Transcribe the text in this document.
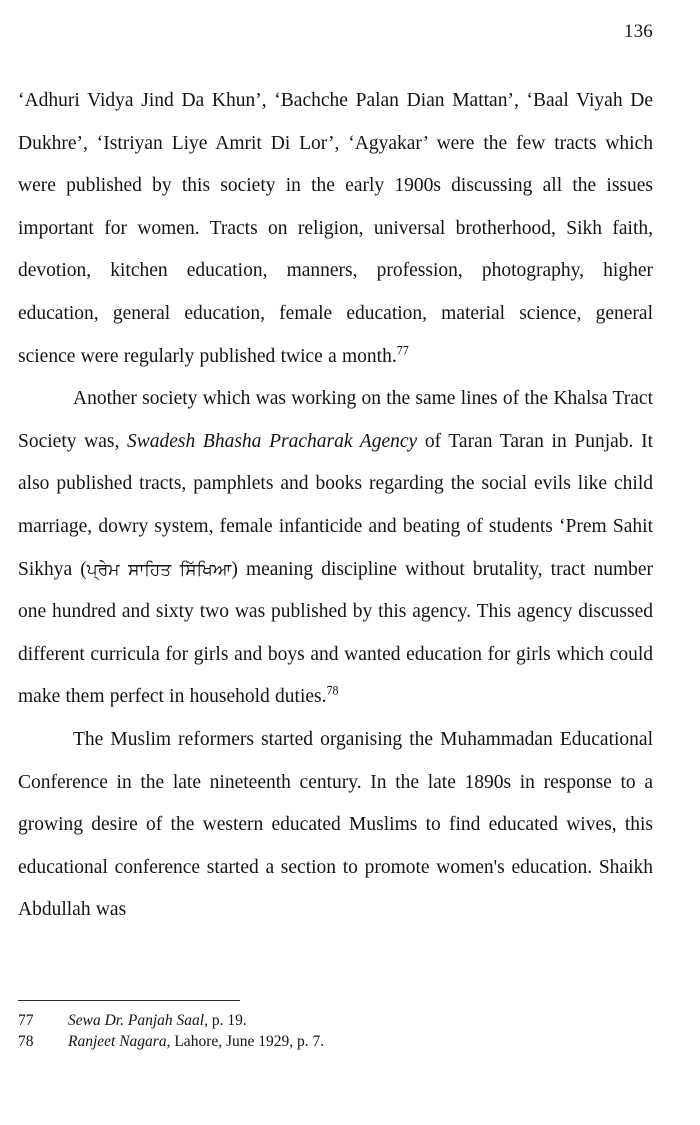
136

‘Adhuri Vidya Jind Da Khun’, ‘Bachche Palan Dian Mattan’, ‘Baal Viyah De Dukhre’, ‘Istriyan Liye Amrit Di Lor’, ‘Agyakar’ were the few tracts which were published by this society in the early 1900s discussing all the issues important for women. Tracts on religion, universal brotherhood, Sikh faith, devotion, kitchen education, manners, profession, photography, higher education, general education, female education, material science, general science were regularly published twice a month.$^{77}$

Another society which was working on the same lines of the Khalsa Tract Society was, Swadesh Bhasha Pracharak Agency of Taran Taran in Punjab. It also published tracts, pamphlets and books regarding the social evils like child marriage, dowry system, female infanticide and beating of students ‘Prem Sahit Sikhya (ਪ੍ਰੇਮ ਸਾਹਿਤ ਸਿੱਖਿਆ) meaning discipline without brutality, tract number one hundred and sixty two was published by this agency. This agency discussed different curricula for girls and boys and wanted education for girls which could make them perfect in household duties.$^{78}$

The Muslim reformers started organising the Muhammadan Educational Conference in the late nineteenth century. In the late 1890s in response to a growing desire of the western educated Muslims to find educated wives, this educational conference started a section to promote women's education. Shaikh Abdullah was

77	Sewa Dr. Panjah Saal, p. 19.
78	Ranjeet Nagara, Lahore, June 1929, p. 7.
